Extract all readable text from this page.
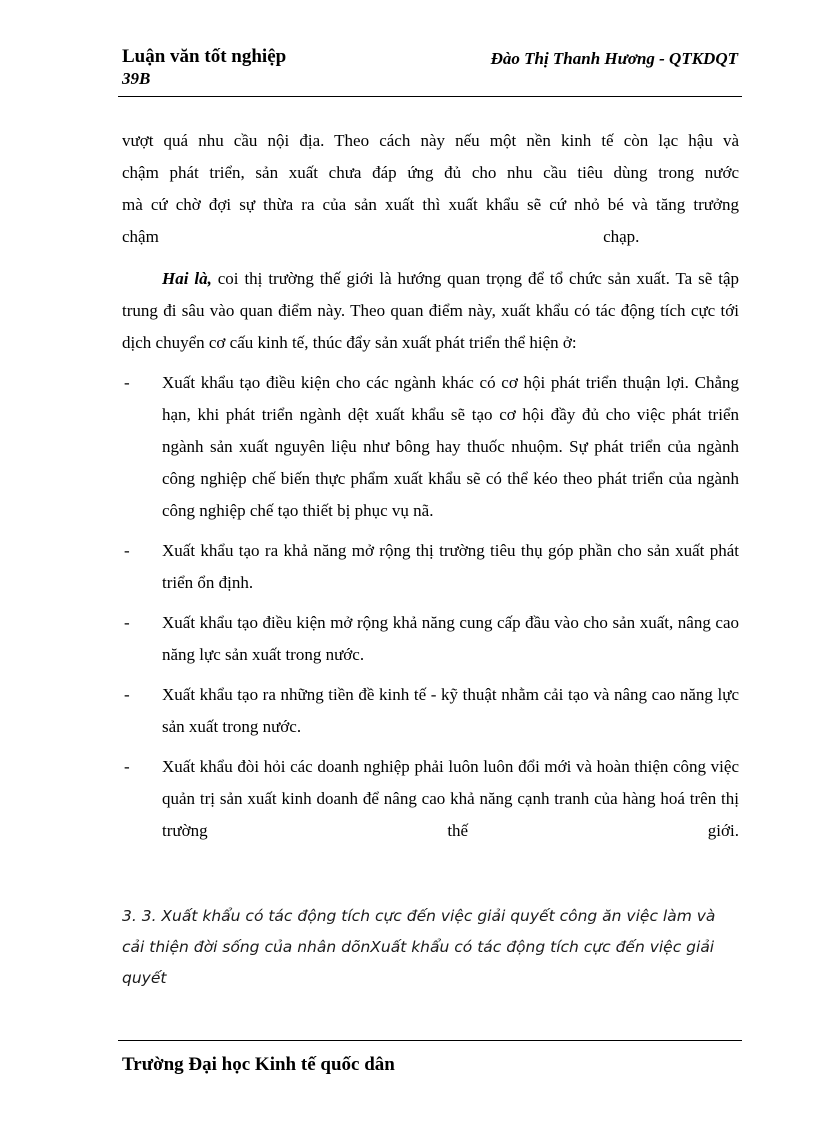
Luận văn tốt nghiệp
39B
Đào Thị Thanh Hương - QTKDQT

vượt quá nhu cầu nội địa. Theo cách này nếu một nền kinh tế còn lạc hậu và
chậm phát triển, sản xuất chưa đáp ứng đủ cho nhu cầu tiêu dùng trong nước
mà cứ chờ đợi sự thừa ra của sản xuất thì xuất khẩu sẽ cứ nhỏ bé và tăng trưởng
chậm chạp.

Hai là, coi thị trường thế giới là hướng quan trọng để tổ chức sản xuất. Ta sẽ tập trung đi sâu vào quan điểm này. Theo quan điểm này, xuất khẩu có tác động tích cực tới dịch chuyển cơ cấu kinh tế, thúc đẩy sản xuất phát triển thể hiện ở:

- Xuất khẩu tạo điều kiện cho các ngành khác có cơ hội phát triển thuận lợi. Chẳng hạn, khi phát triển ngành dệt xuất khẩu sẽ tạo cơ hội đầy đủ cho việc phát triển ngành sản xuất nguyên liệu như bông hay thuốc nhuộm. Sự phát triển của ngành công nghiệp chế biến thực phẩm xuất khẩu sẽ có thể kéo theo phát triển của ngành công nghiệp chế tạo thiết bị phục vụ nã.
- Xuất khẩu tạo ra khả năng mở rộng thị trường tiêu thụ góp phần cho sản xuất phát triển ổn định.
- Xuất khẩu tạo điều kiện mở rộng khả năng cung cấp đầu vào cho sản xuất, nâng cao năng lực sản xuất trong nước.
- Xuất khẩu tạo ra những tiền đề kinh tế - kỹ thuật nhằm cải tạo và nâng cao năng lực sản xuất trong nước.
- Xuất khẩu đòi hỏi các doanh nghiệp phải luôn luôn đổi mới và hoàn thiện công việc quản trị sản xuất kinh doanh để nâng cao khả năng cạnh tranh của hàng hoá trên thị trường thế giới.
3. 3. Xuất khẩu có tác động tích cực đến việc giải quyết công ăn việc làm và cải thiện đời sống của nhân dõnXuất khẩu có tác động tích cực đến việc giải quyết
Trường Đại học Kinh tế quốc dân
